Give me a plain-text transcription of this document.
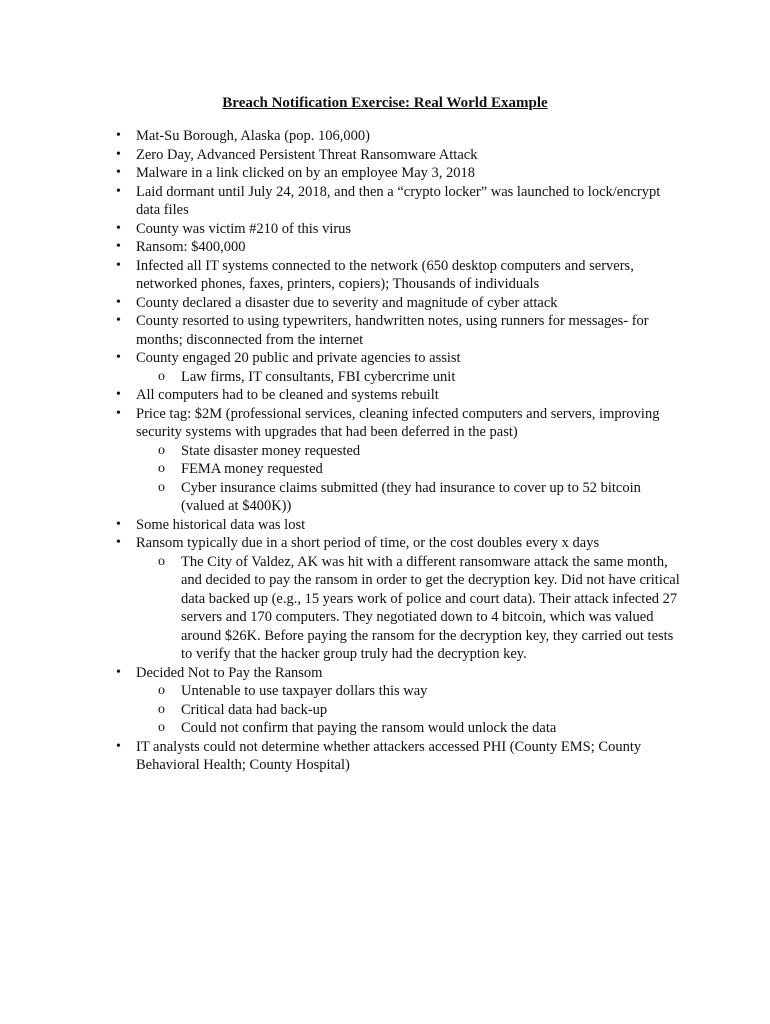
Breach Notification Exercise: Real World Example
• Mat-Su Borough, Alaska (pop. 106,000)
• Zero Day, Advanced Persistent Threat Ransomware Attack
• Malware in a link clicked on by an employee May 3, 2018
• Laid dormant until July 24, 2018, and then a “crypto locker” was launched to lock/encrypt data files
• County was victim #210 of this virus
• Ransom: $400,000
• Infected all IT systems connected to the network (650 desktop computers and servers, networked phones, faxes, printers, copiers); Thousands of individuals
• County declared a disaster due to severity and magnitude of cyber attack
• County resorted to using typewriters, handwritten notes, using runners for messages- for months; disconnected from the internet
• County engaged 20 public and private agencies to assist
o Law firms, IT consultants, FBI cybercrime unit
• All computers had to be cleaned and systems rebuilt
• Price tag: $2M (professional services, cleaning infected computers and servers, improving security systems with upgrades that had been deferred in the past)
o State disaster money requested
o FEMA money requested
o Cyber insurance claims submitted (they had insurance to cover up to 52 bitcoin (valued at $400K))
• Some historical data was lost
• Ransom typically due in a short period of time, or the cost doubles every x days
o The City of Valdez, AK was hit with a different ransomware attack the same month, and decided to pay the ransom in order to get the decryption key. Did not have critical data backed up (e.g., 15 years work of police and court data). Their attack infected 27 servers and 170 computers. They negotiated down to 4 bitcoin, which was valued around $26K. Before paying the ransom for the decryption key, they carried out tests to verify that the hacker group truly had the decryption key.
• Decided Not to Pay the Ransom
o Untenable to use taxpayer dollars this way
o Critical data had back-up
o Could not confirm that paying the ransom would unlock the data
• IT analysts could not determine whether attackers accessed PHI (County EMS; County Behavioral Health; County Hospital)
